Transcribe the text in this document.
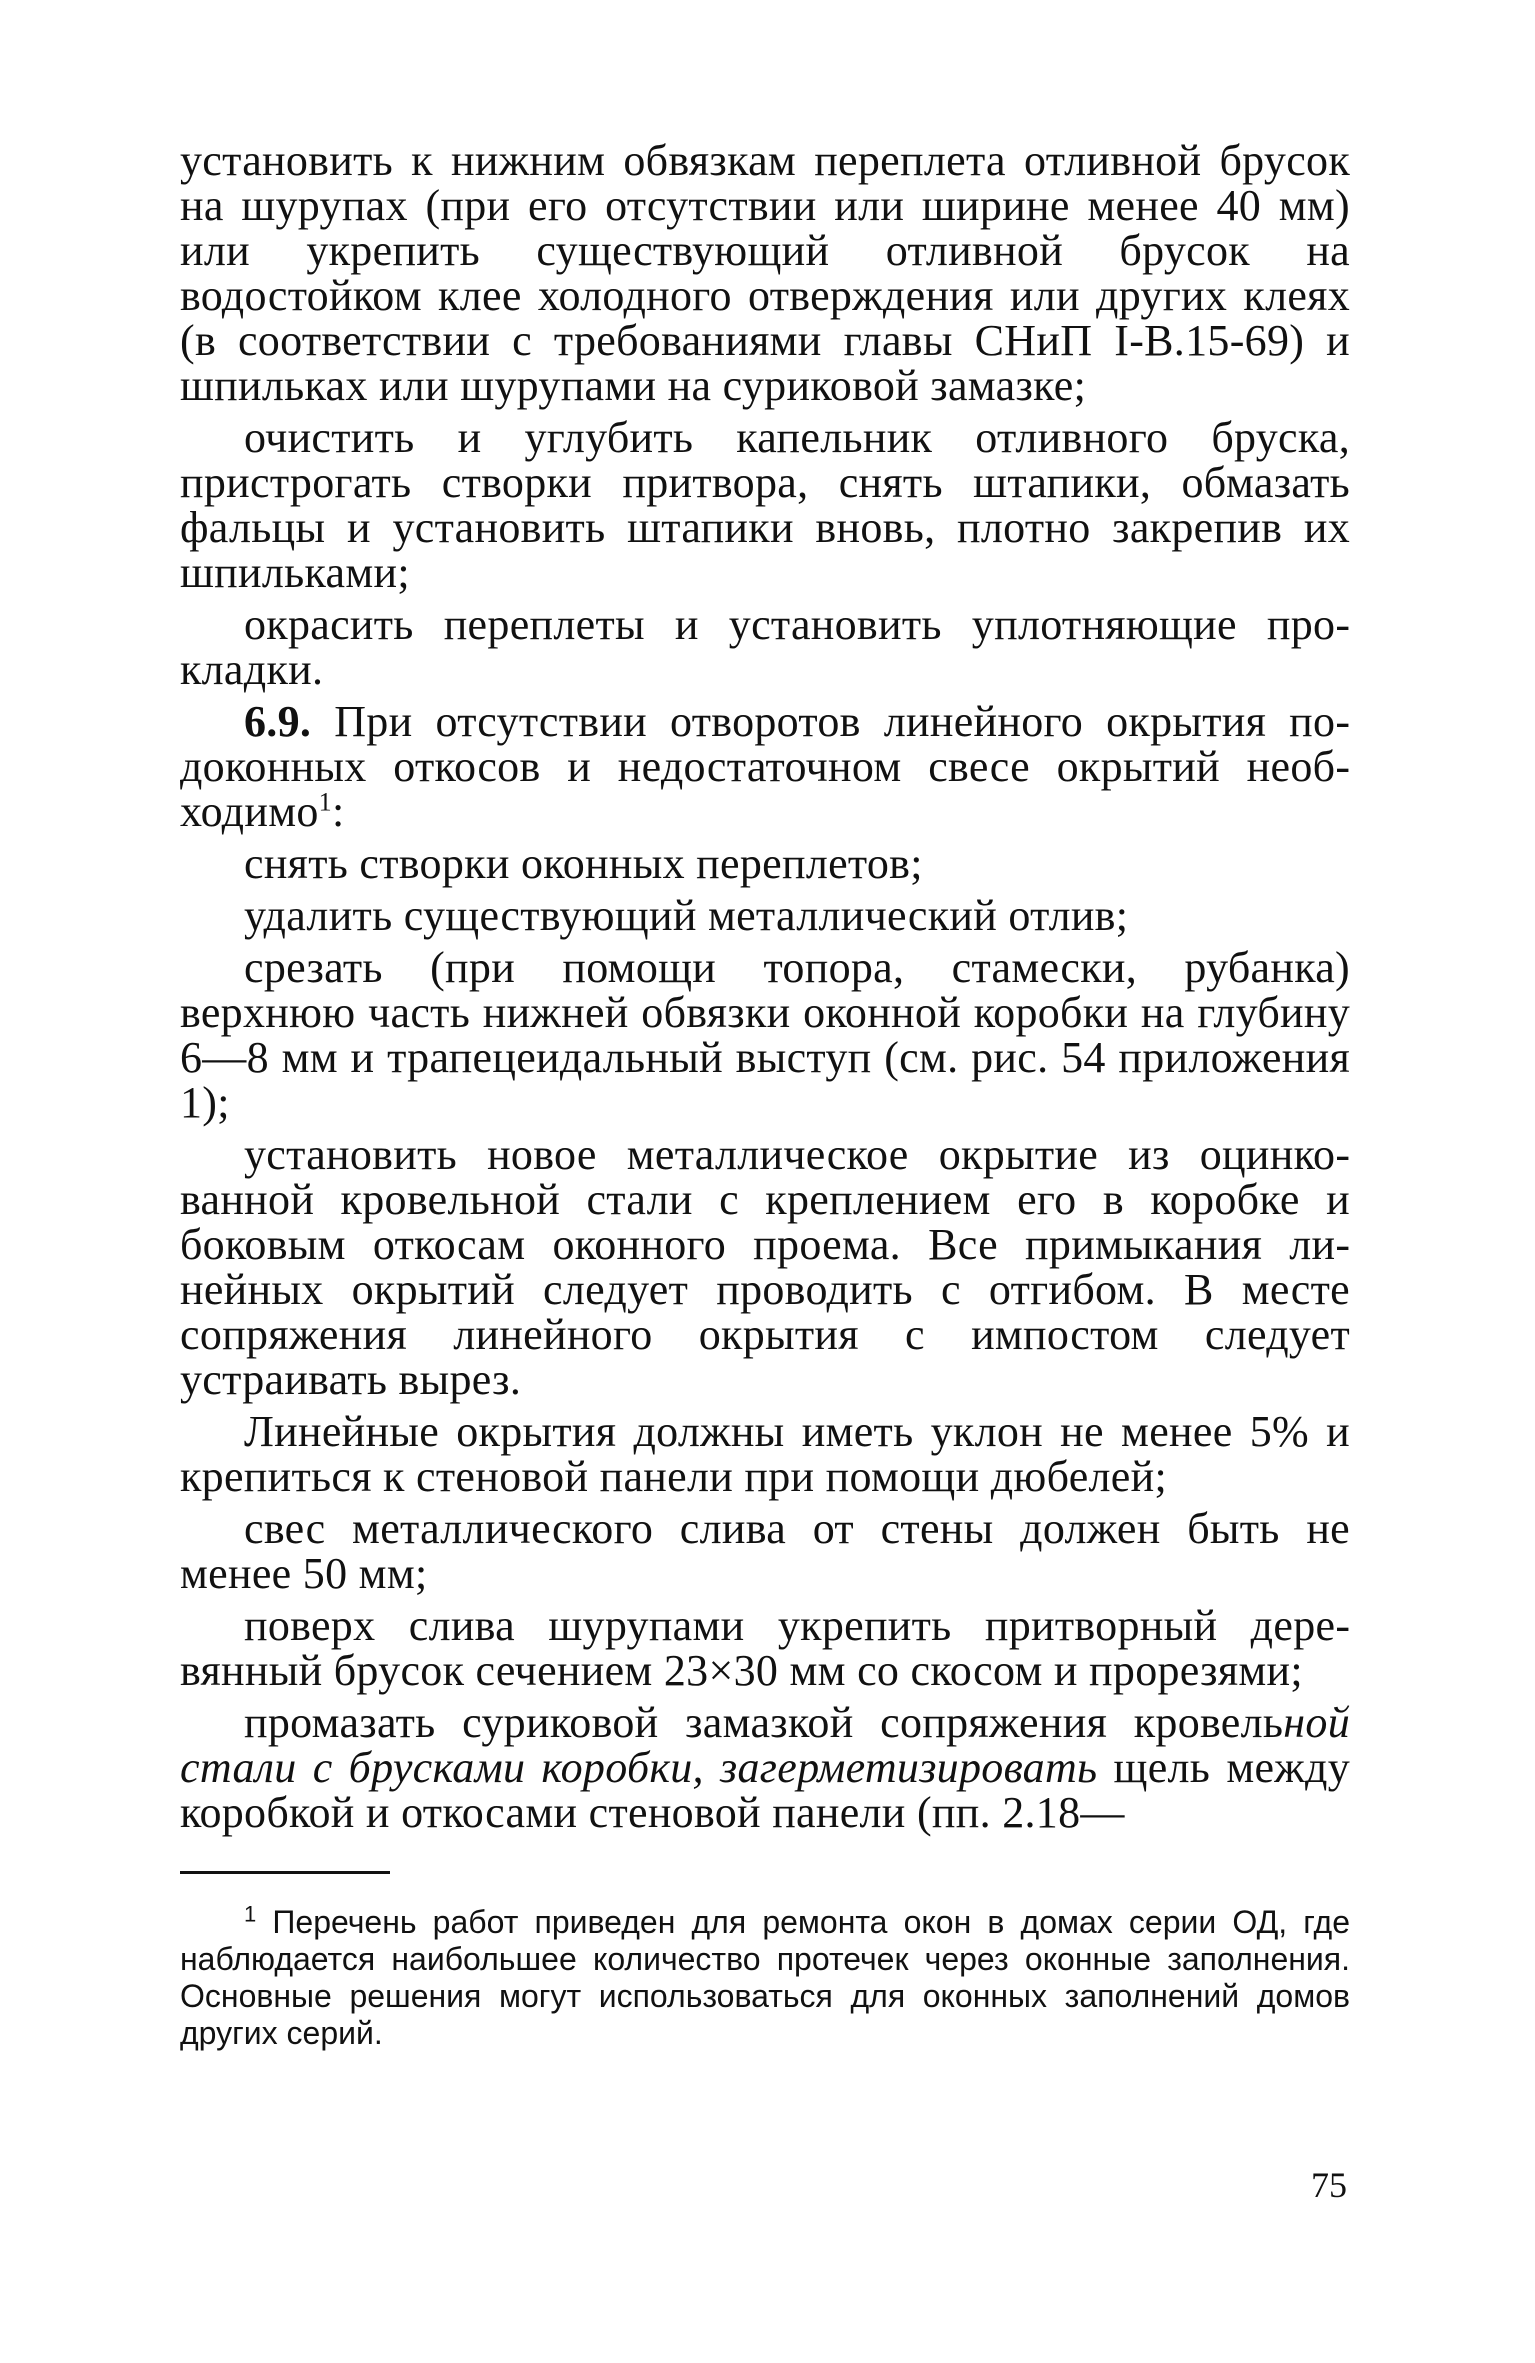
установить к нижним обвязкам переплета отливной брусок на шурупах (при его отсутствии или ширине менее 40 мм) или укрепить существующий отливной брусок на водостойком клее холодного отверждения или других клеях (в соответствии с требованиями главы СНиП I-В.15-69) и шпильках или шурупами на суриковой замазке;

очистить и углубить капельник отливного бруска, пристрогать створки притвора, снять штапики, обмазать фальцы и установить штапики вновь, плотно закрепив их шпильками;

окрасить переплеты и установить уплотняющие прокладки.

6.9. При отсутствии отворотов линейного окрытия подоконных откосов и недостаточном свесе окрытий необходимо$^1$:

снять створки оконных переплетов;

удалить существующий металлический отлив;

срезать (при помощи топора, стамески, рубанка) верхнюю часть нижней обвязки оконной коробки на глубину 6—8 мм и трапецеидальный выступ (см. рис. 54 приложения 1);

установить новое металлическое окрытие из оцинкованной кровельной стали с креплением его в коробке и боковым откосам оконного проема. Все примыкания линейных окрытий следует проводить с отгибом. В месте сопряжения линейного окрытия с импостом следует устраивать вырез.

Линейные окрытия должны иметь уклон не менее 5% и крепиться к стеновой панели при помощи дюбелей;

свес металлического слива от стены должен быть не менее 50 мм;

поверх слива шурупами укрепить притворный деревянный брусок сечением 23×30 мм со скосом и прорезями;

промазать суриковой замазкой сопряжения кровельной стали с брусками коробки, загерметизировать щель между коробкой и откосами стеновой панели (пп. 2.18—

$^1$ Перечень работ приведен для ремонта окон в домах серии ОД, где наблюдается наибольшее количество протечек через оконные заполнения. Основные решения могут использоваться для оконных заполнений домов других серий.

75
